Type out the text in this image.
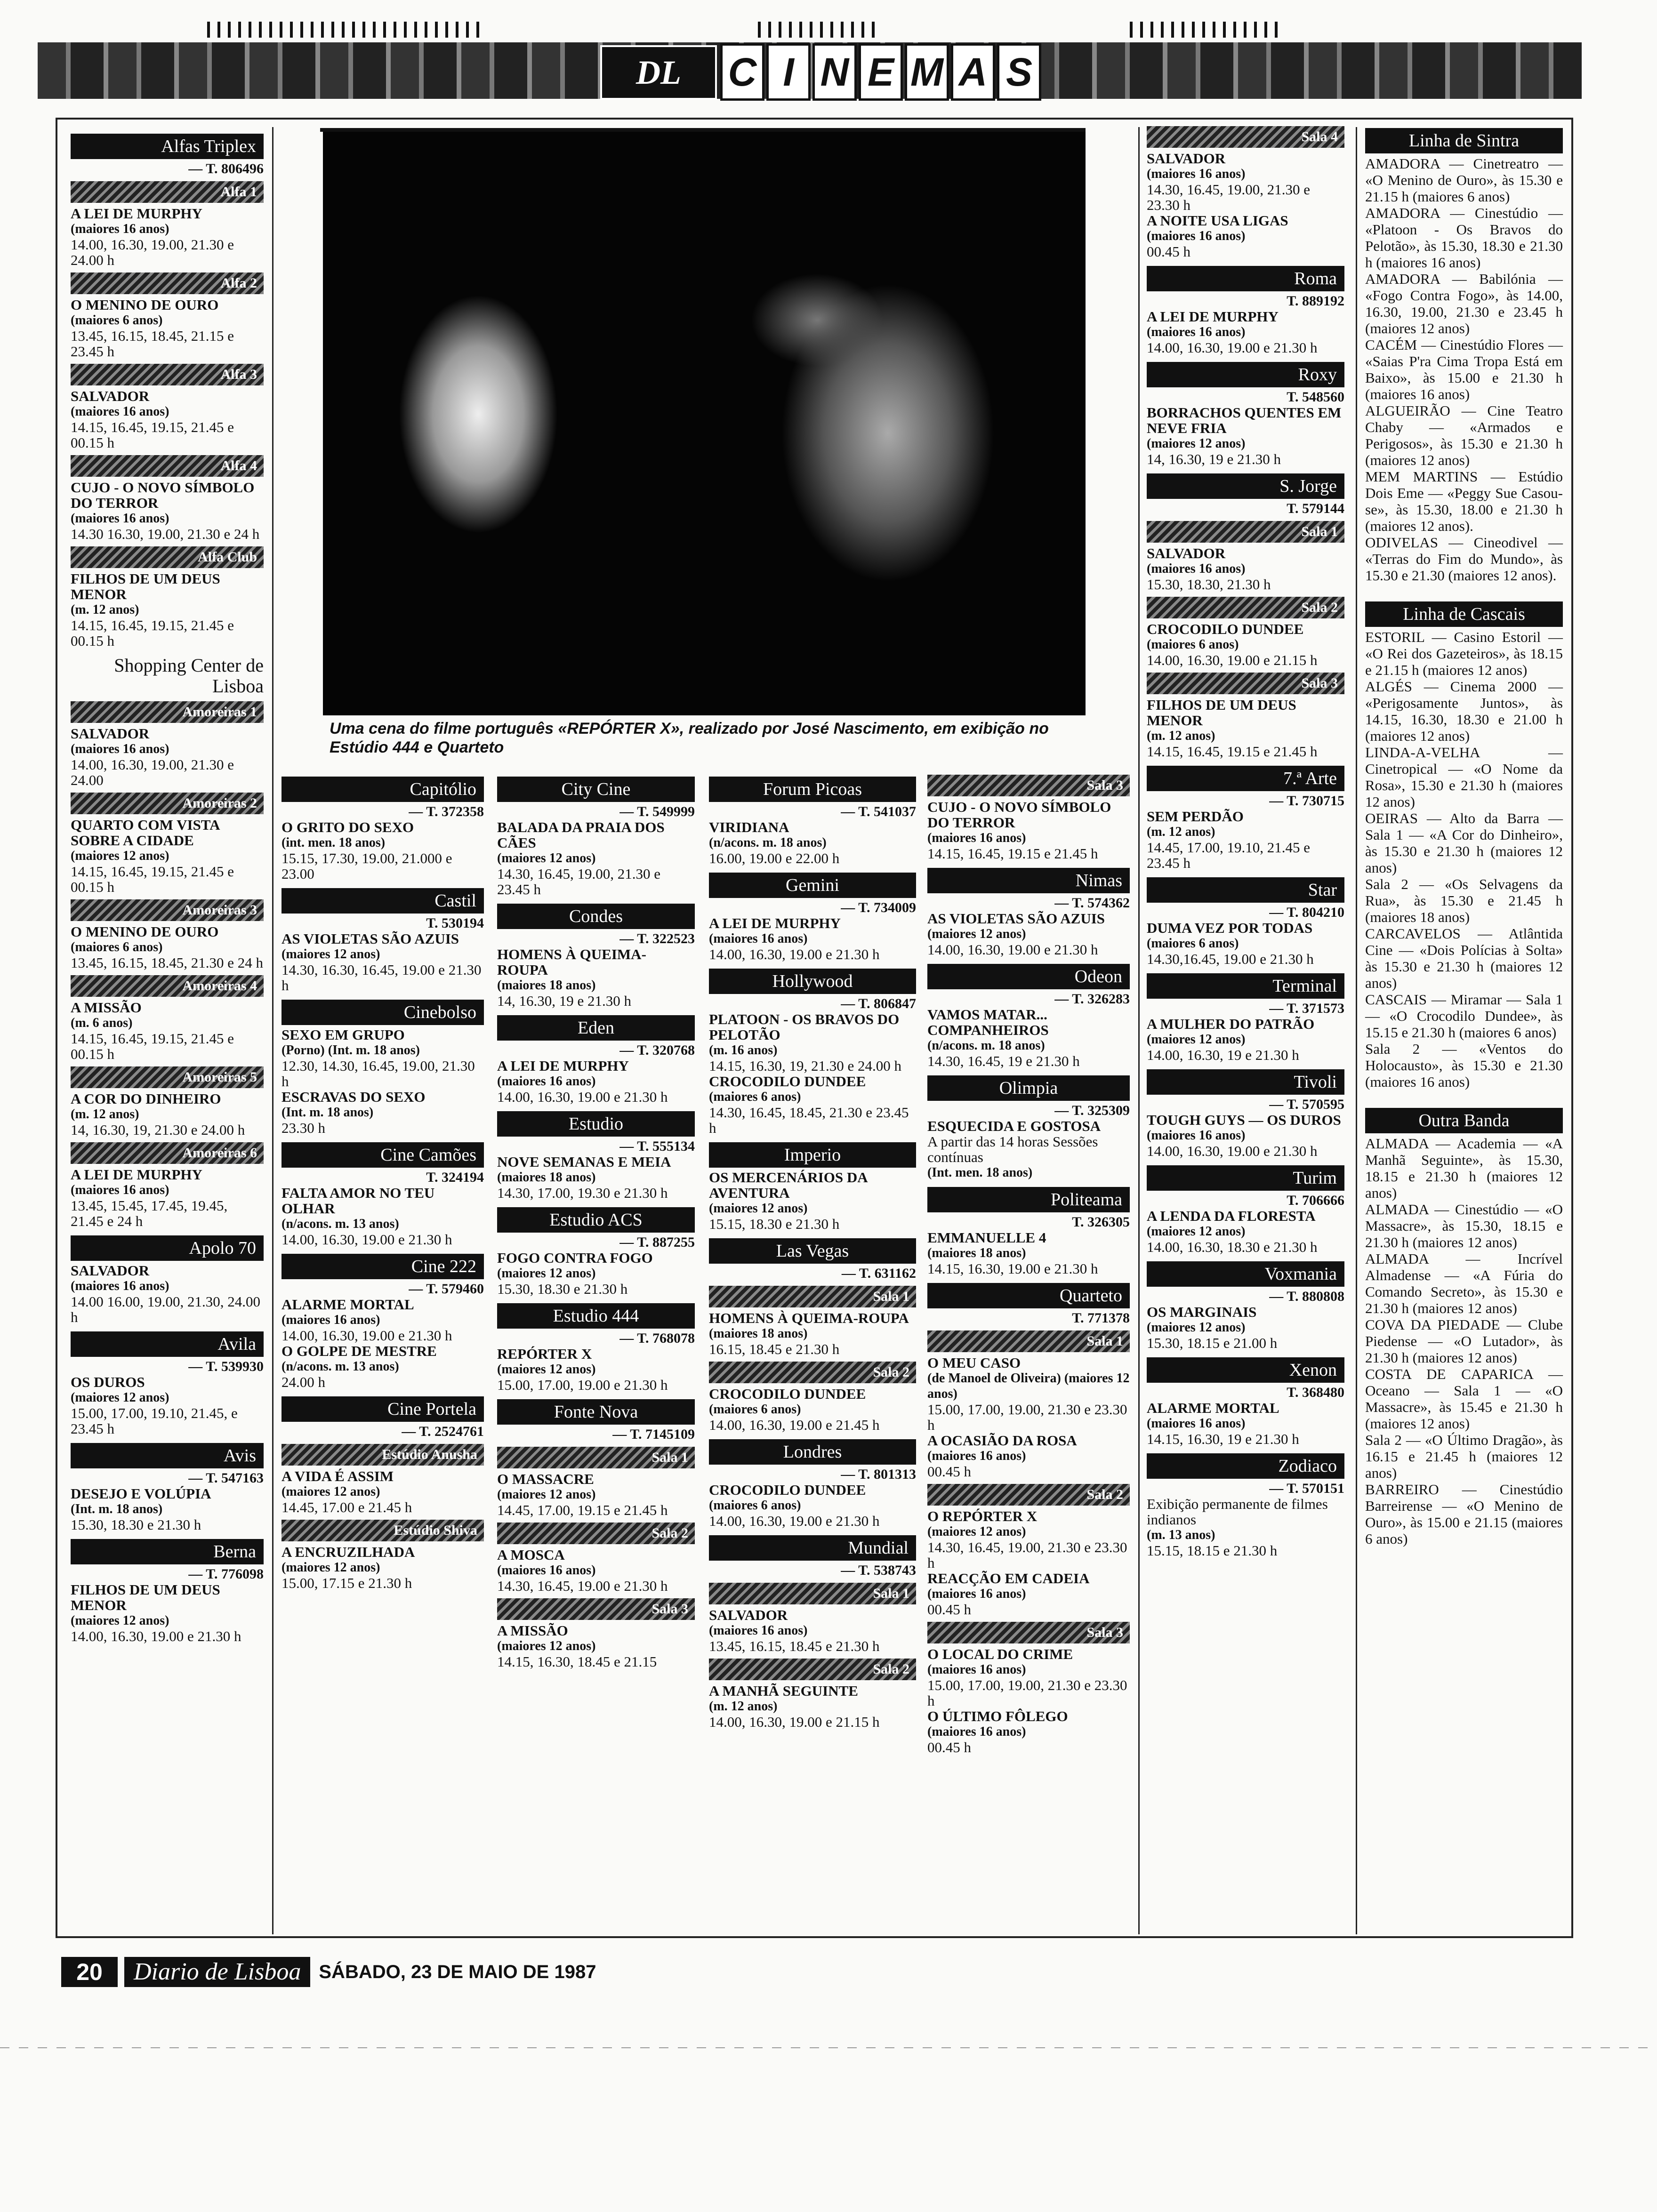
DL	C I N E M A S
Uma cena do filme português «REPÓRTER X», realizado por José Nascimento, em exibição no Estúdio 444 e Quarteto
Alfas Triplex
— T. 806496
Alfa 1
A LEI DE MURPHY
(maiores 16 anos)
14.00, 16.30, 19.00, 21.30 e 24.00 h
Alfa 2
O MENINO DE OURO
(maiores 6 anos)
13.45, 16.15, 18.45, 21.15 e 23.45 h
Alfa 3
SALVADOR
(maiores 16 anos)
14.15, 16.45, 19.15, 21.45 e 00.15 h
Alfa 4
CUJO - O NOVO SÍMBOLO DO TERROR
(maiores 16 anos)
14.30 16.30, 19.00, 21.30 e 24 h
Alfa Club
FILHOS DE UM DEUS MENOR
(m. 12 anos)
14.15, 16.45, 19.15, 21.45 e 00.15 h
Shopping Center de Lisboa
Amoreiras 1
SALVADOR
(maiores 16 anos)
14.00, 16.30, 19.00, 21.30 e 24.00
Amoreiras 2
QUARTO COM VISTA SOBRE A CIDADE
(maiores 12 anos)
14.15, 16.45, 19.15, 21.45 e 00.15 h
Amoreiras 3
O MENINO DE OURO
(maiores 6 anos)
13.45, 16.15, 18.45, 21.30 e 24 h
Amoreiras 4
A MISSÃO
(m. 6 anos)
14.15, 16.45, 19.15, 21.45 e 00.15 h
Amoreiras 5
A COR DO DINHEIRO
(m. 12 anos)
14, 16.30, 19, 21.30 e 24.00 h
Amoreiras 6
A LEI DE MURPHY
(maiores 16 anos)
13.45, 15.45, 17.45, 19.45, 21.45 e 24 h
Apolo 70
SALVADOR
(maiores 16 anos)
14.00 16.00, 19.00, 21.30, 24.00 h
Avila
— T. 539930
OS DUROS
(maiores 12 anos)
15.00, 17.00, 19.10, 21.45, e 23.45 h
Avis
— T. 547163
DESEJO E VOLÚPIA
(Int. m. 18 anos)
15.30, 18.30 e 21.30 h
Berna
— T. 776098
FILHOS DE UM DEUS MENOR
(maiores 12 anos)
14.00, 16.30, 19.00 e 21.30 h
Capitólio
— T. 372358
O GRITO DO SEXO
(int. men. 18 anos)
15.15, 17.30, 19.00, 21.000 e 23.00
Castil
T. 530194
AS VIOLETAS SÃO AZUIS
(maiores 12 anos)
14.30, 16.30, 16.45, 19.00 e 21.30 h
Cinebolso
SEXO EM GRUPO
(Porno) (Int. m. 18 anos)
12.30, 14.30, 16.45, 19.00, 21.30 h
ESCRAVAS DO SEXO
(Int. m. 18 anos)
23.30 h
Cine Camões
T. 324194
FALTA AMOR NO TEU OLHAR
(n/acons. m. 13 anos)
14.00, 16.30, 19.00 e 21.30 h
Cine 222
— T. 579460
ALARME MORTAL
(maiores 16 anos)
14.00, 16.30, 19.00 e 21.30 h
O GOLPE DE MESTRE
(n/acons. m. 13 anos)
24.00 h
Cine Portela
— T. 2524761
Estúdio Anusha
A VIDA É ASSIM
(maiores 12 anos)
14.45, 17.00 e 21.45 h
Estúdio Shiva
A ENCRUZILHADA
(maiores 12 anos)
15.00, 17.15 e 21.30 h
City Cine
— T. 549999
BALADA DA PRAIA DOS CÃES
(maiores 12 anos)
14.30, 16.45, 19.00, 21.30 e 23.45 h
Condes
— T. 322523
HOMENS À QUEIMA-ROUPA
(maiores 18 anos)
14, 16.30, 19 e 21.30 h
Eden
— T. 320768
A LEI DE MURPHY
(maiores 16 anos)
14.00, 16.30, 19.00 e 21.30 h
Estudio
— T. 555134
NOVE SEMANAS E MEIA
(maiores 18 anos)
14.30, 17.00, 19.30 e 21.30 h
Estudio ACS
— T. 887255
FOGO CONTRA FOGO
(maiores 12 anos)
15.30, 18.30 e 21.30 h
Estudio 444
— T. 768078
REPÓRTER X
(maiores 12 anos)
15.00, 17.00, 19.00 e 21.30 h
Fonte Nova
— T. 7145109
Sala 1
O MASSACRE
(maiores 12 anos)
14.45, 17.00, 19.15 e 21.45 h
Sala 2
A MOSCA
(maiores 16 anos)
14.30, 16.45, 19.00 e 21.30 h
Sala 3
A MISSÃO
(maiores 12 anos)
14.15, 16.30, 18.45 e 21.15
Forum Picoas
— T. 541037
VIRIDIANA
(n/acons. m. 18 anos)
16.00, 19.00 e 22.00 h
Gemini
— T. 734009
A LEI DE MURPHY
(maiores 16 anos)
14.00, 16.30, 19.00 e 21.30 h
Hollywood
— T. 806847
PLATOON - OS BRAVOS DO PELOTÃO
(m. 16 anos)
14.15, 16.30, 19, 21.30 e 24.00 h
CROCODILO DUNDEE
(maiores 6 anos)
14.30, 16.45, 18.45, 21.30 e 23.45 h
Imperio
OS MERCENÁRIOS DA AVENTURA
(maiores 12 anos)
15.15, 18.30 e 21.30 h
Las Vegas
— T. 631162
Sala 1
HOMENS À QUEIMA-ROUPA
(maiores 18 anos)
16.15, 18.45 e 21.30 h
Sala 2
CROCODILO DUNDEE
(maiores 6 anos)
14.00, 16.30, 19.00 e 21.45 h
Londres
— T. 801313
CROCODILO DUNDEE
(maiores 6 anos)
14.00, 16.30, 19.00 e 21.30 h
Mundial
— T. 538743
Sala 1
SALVADOR
(maiores 16 anos)
13.45, 16.15, 18.45 e 21.30 h
Sala 2
A MANHÃ SEGUINTE
(m. 12 anos)
14.00, 16.30, 19.00 e 21.15 h
Sala 3
CUJO - O NOVO SÍMBOLO DO TERROR
(maiores 16 anos)
14.15, 16.45, 19.15 e 21.45 h
Nimas
— T. 574362
AS VIOLETAS SÃO AZUIS
(maiores 12 anos)
14.00, 16.30, 19.00 e 21.30 h
Odeon
— T. 326283
VAMOS MATAR... COMPANHEIROS
(n/acons. m. 18 anos)
14.30, 16.45, 19 e 21.30 h
Olimpia
— T. 325309
ESQUECIDA E GOSTOSA
A partir das 14 horas Sessões contínuas
(Int. men. 18 anos)
Politeama
T. 326305
EMMANUELLE 4
(maiores 18 anos)
14.15, 16.30, 19.00 e 21.30 h
Quarteto
T. 771378
Sala 1
O MEU CASO
(de Manoel de Oliveira) (maiores 12 anos)
15.00, 17.00, 19.00, 21.30 e 23.30 h
A OCASIÃO DA ROSA
(maiores 16 anos)
00.45 h
Sala 2
O REPÓRTER X
(maiores 12 anos)
14.30, 16.45, 19.00, 21.30 e 23.30 h
REACÇÃO EM CADEIA
(maiores 16 anos)
00.45 h
Sala 3
O LOCAL DO CRIME
(maiores 16 anos)
15.00, 17.00, 19.00, 21.30 e 23.30 h
O ÚLTIMO FÔLEGO
(maiores 16 anos)
00.45 h
Sala 4
SALVADOR
(maiores 16 anos)
14.30, 16.45, 19.00, 21.30 e 23.30 h
A NOITE USA LIGAS
(maiores 16 anos)
00.45 h
Roma
T. 889192
A LEI DE MURPHY
(maiores 16 anos)
14.00, 16.30, 19.00 e 21.30 h
Roxy
T. 548560
BORRACHOS QUENTES EM NEVE FRIA
(maiores 12 anos)
14, 16.30, 19 e 21.30 h
S. Jorge
T. 579144
Sala 1
SALVADOR
(maiores 16 anos)
15.30, 18.30, 21.30 h
Sala 2
CROCODILO DUNDEE
(maiores 6 anos)
14.00, 16.30, 19.00 e 21.15 h
Sala 3
FILHOS DE UM DEUS MENOR
(m. 12 anos)
14.15, 16.45, 19.15 e 21.45 h
7.ª Arte
— T. 730715
SEM PERDÃO
(m. 12 anos)
14.45, 17.00, 19.10, 21.45 e 23.45 h
Star
— T. 804210
DUMA VEZ POR TODAS
(maiores 6 anos)
14.30,16.45, 19.00 e 21.30 h
Terminal
— T. 371573
A MULHER DO PATRÃO
(maiores 12 anos)
14.00, 16.30, 19 e 21.30 h
Tivoli
— T. 570595
TOUGH GUYS — OS DUROS
(maiores 16 anos)
14.00, 16.30, 19.00 e 21.30 h
Turim
T. 706666
A LENDA DA FLORESTA
(maiores 12 anos)
14.00, 16.30, 18.30 e 21.30 h
Voxmania
— T. 880808
OS MARGINAIS
(maiores 12 anos)
15.30, 18.15 e 21.00 h
Xenon
T. 368480
ALARME MORTAL
(maiores 16 anos)
14.15, 16.30, 19 e 21.30 h
Zodiaco
— T. 570151
Exibição permanente de filmes indianos
(m. 13 anos)
15.15, 18.15 e 21.30 h
Linha de Sintra

AMADORA — Cinetreatro — «O Menino de Ouro», às 15.30 e 21.15 h (maiores 6 anos)

AMADORA — Cinestúdio — «Platoon - Os Bravos do Pelotão», às 15.30, 18.30 e 21.30 h (maiores 16 anos)

AMADORA — Babilónia — «Fogo Contra Fogo», às 14.00, 16.30, 19.00, 21.30 e 23.45 h (maiores 12 anos)

CACÉM — Cinestúdio Flores — «Saias P'ra Cima Tropa Está em Baixo», às 15.00 e 21.30 h (maiores 16 anos)

ALGUEIRÃO — Cine Teatro Chaby — «Armados e Perigosos», às 15.30 e 21.30 h (maiores 12 anos)

MEM MARTINS — Estúdio Dois Eme — «Peggy Sue Casou-se», às 15.30, 18.00 e 21.30 h (maiores 12 anos).

ODIVELAS — Cineodivel — «Terras do Fim do Mundo», às 15.30 e 21.30 (maiores 12 anos).

Linha de Cascais

ESTORIL — Casino Estoril — «O Rei dos Gazeteiros», às 18.15 e 21.15 h (maiores 12 anos)

ALGÉS — Cinema 2000 — «Perigosamente Juntos», às 14.15, 16.30, 18.30 e 21.00 h (maiores 12 anos)

LINDA-A-VELHA — Cinetropical — «O Nome da Rosa», 15.30 e 21.30 h (maiores 12 anos)

OEIRAS — Alto da Barra — Sala 1 — «A Cor do Dinheiro», às 15.30 e 21.30 h (maiores 12 anos)

Sala 2 — «Os Selvagens da Rua», às 15.30 e 21.45 h (maiores 18 anos)

CARCAVELOS — Atlântida Cine — «Dois Polícias à Solta» às 15.30 e 21.30 h (maiores 12 anos)

CASCAIS — Miramar — Sala 1 — «O Crocodilo Dundee», às 15.15 e 21.30 h (maiores 6 anos)

Sala 2 — «Ventos do Holocausto», às 15.30 e 21.30 (maiores 16 anos)

Outra Banda

ALMADA — Academia — «A Manhã Seguinte», às 15.30, 18.15 e 21.30 h (maiores 12 anos)

ALMADA — Cinestúdio — «O Massacre», às 15.30, 18.15 e 21.30 h (maiores 12 anos)

ALMADA — Incrível Almadense — «A Fúria do Comando Secreto», às 15.30 e 21.30 h (maiores 12 anos)

COVA DA PIEDADE — Clube Piedense — «O Lutador», às 21.30 h (maiores 12 anos)

COSTA DE CAPARICA — Oceano — Sala 1 — «O Massacre», às 15.45 e 21.30 h (maiores 12 anos)

Sala 2 — «O Último Dragão», às 16.15 e 21.45 h (maiores 12 anos)

BARREIRO — Cinestúdio Barreirense — «O Menino de Ouro», às 15.00 e 21.15 (maiores 6 anos)

20	Diario de Lisboa SÁBADO, 23 DE MAIO DE 1987
